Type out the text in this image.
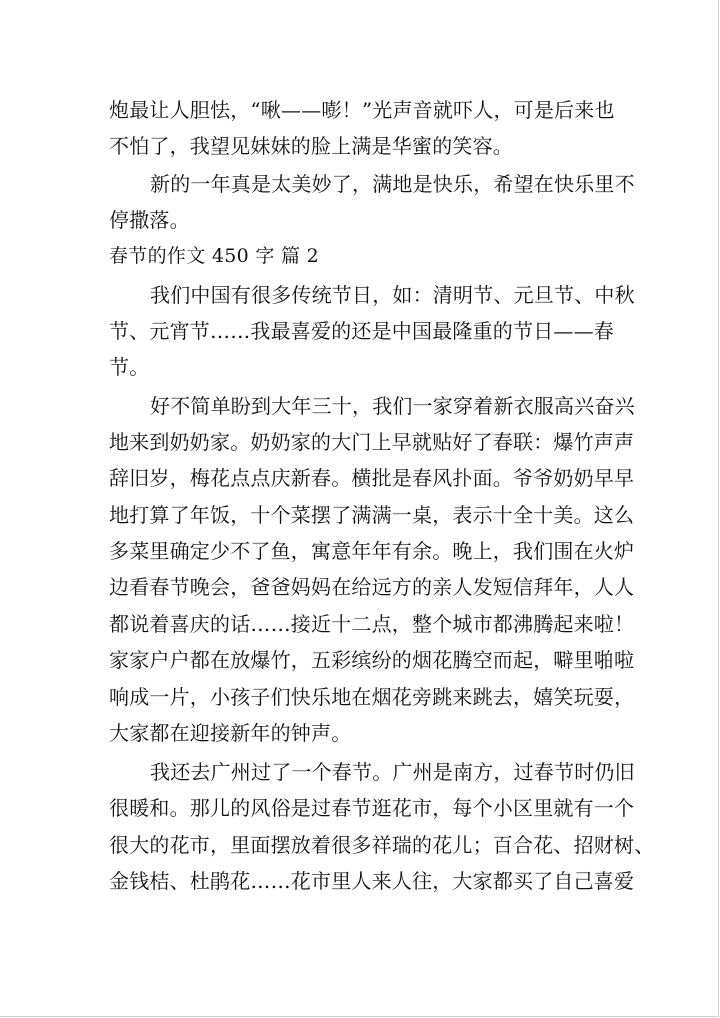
炮最让人胆怯，“啾——嘭！”光声音就吓人，可是后来也
不怕了，我望见妹妹的脸上满是华蜜的笑容。
新的一年真是太美妙了，满地是快乐，希望在快乐里不
停撒落。
春节的作文 450 字 篇 2
我们中国有很多传统节日，如：清明节、元旦节、中秋
节、元宵节……我最喜爱的还是中国最隆重的节日——春
节。
好不简单盼到大年三十，我们一家穿着新衣服高兴奋兴
地来到奶奶家。奶奶家的大门上早就贴好了春联：爆竹声声
辞旧岁，梅花点点庆新春。横批是春风扑面。爷爷奶奶早早
地打算了年饭，十个菜摆了满满一桌，表示十全十美。这么
多菜里确定少不了鱼，寓意年年有余。晚上，我们围在火炉
边看春节晚会，爸爸妈妈在给远方的亲人发短信拜年，人人
都说着喜庆的话……接近十二点，整个城市都沸腾起来啦！
家家户户都在放爆竹，五彩缤纷的烟花腾空而起，噼里啪啦
响成一片，小孩子们快乐地在烟花旁跳来跳去，嬉笑玩耍，
大家都在迎接新年的钟声。
我还去广州过了一个春节。广州是南方，过春节时仍旧
很暖和。那儿的风俗是过春节逛花市，每个小区里就有一个
很大的花市，里面摆放着很多祥瑞的花儿；百合花、招财树、
金钱桔、杜鹃花……花市里人来人往，大家都买了自己喜爱
